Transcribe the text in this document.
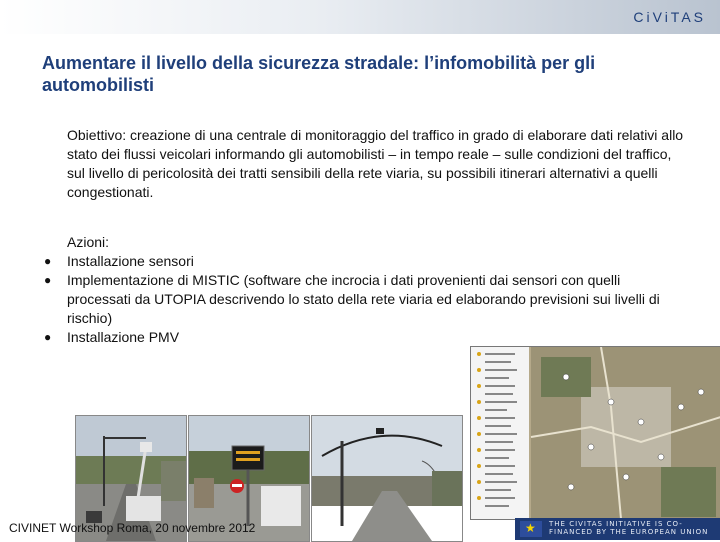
CiViTAS
Aumentare il livello della sicurezza stradale: l’infomobilità per gli automobilisti
Obiettivo: creazione di una centrale di monitoraggio del traffico in grado di elaborare dati relativi allo stato dei flussi veicolari informando gli automobilisti – in tempo reale – sulle condizioni del traffico, sul livello di pericolosità dei tratti sensibili della rete viaria, su possibili itinerari alternativi a quelli congestionati.
Azioni:
● Installazione sensori
● Implementazione di MISTIC (software che incrocia i dati provenienti dai sensori con quelli processati da UTOPIA descrivendo lo stato della rete viaria ed elaborando previsioni sui livelli di rischio)
● Installazione PMV
CIVINET Workshop Roma, 20 novembre 2012
★	THE CIVITAS INITIATIVE IS CO-FINANCED BY THE EUROPEAN UNION
